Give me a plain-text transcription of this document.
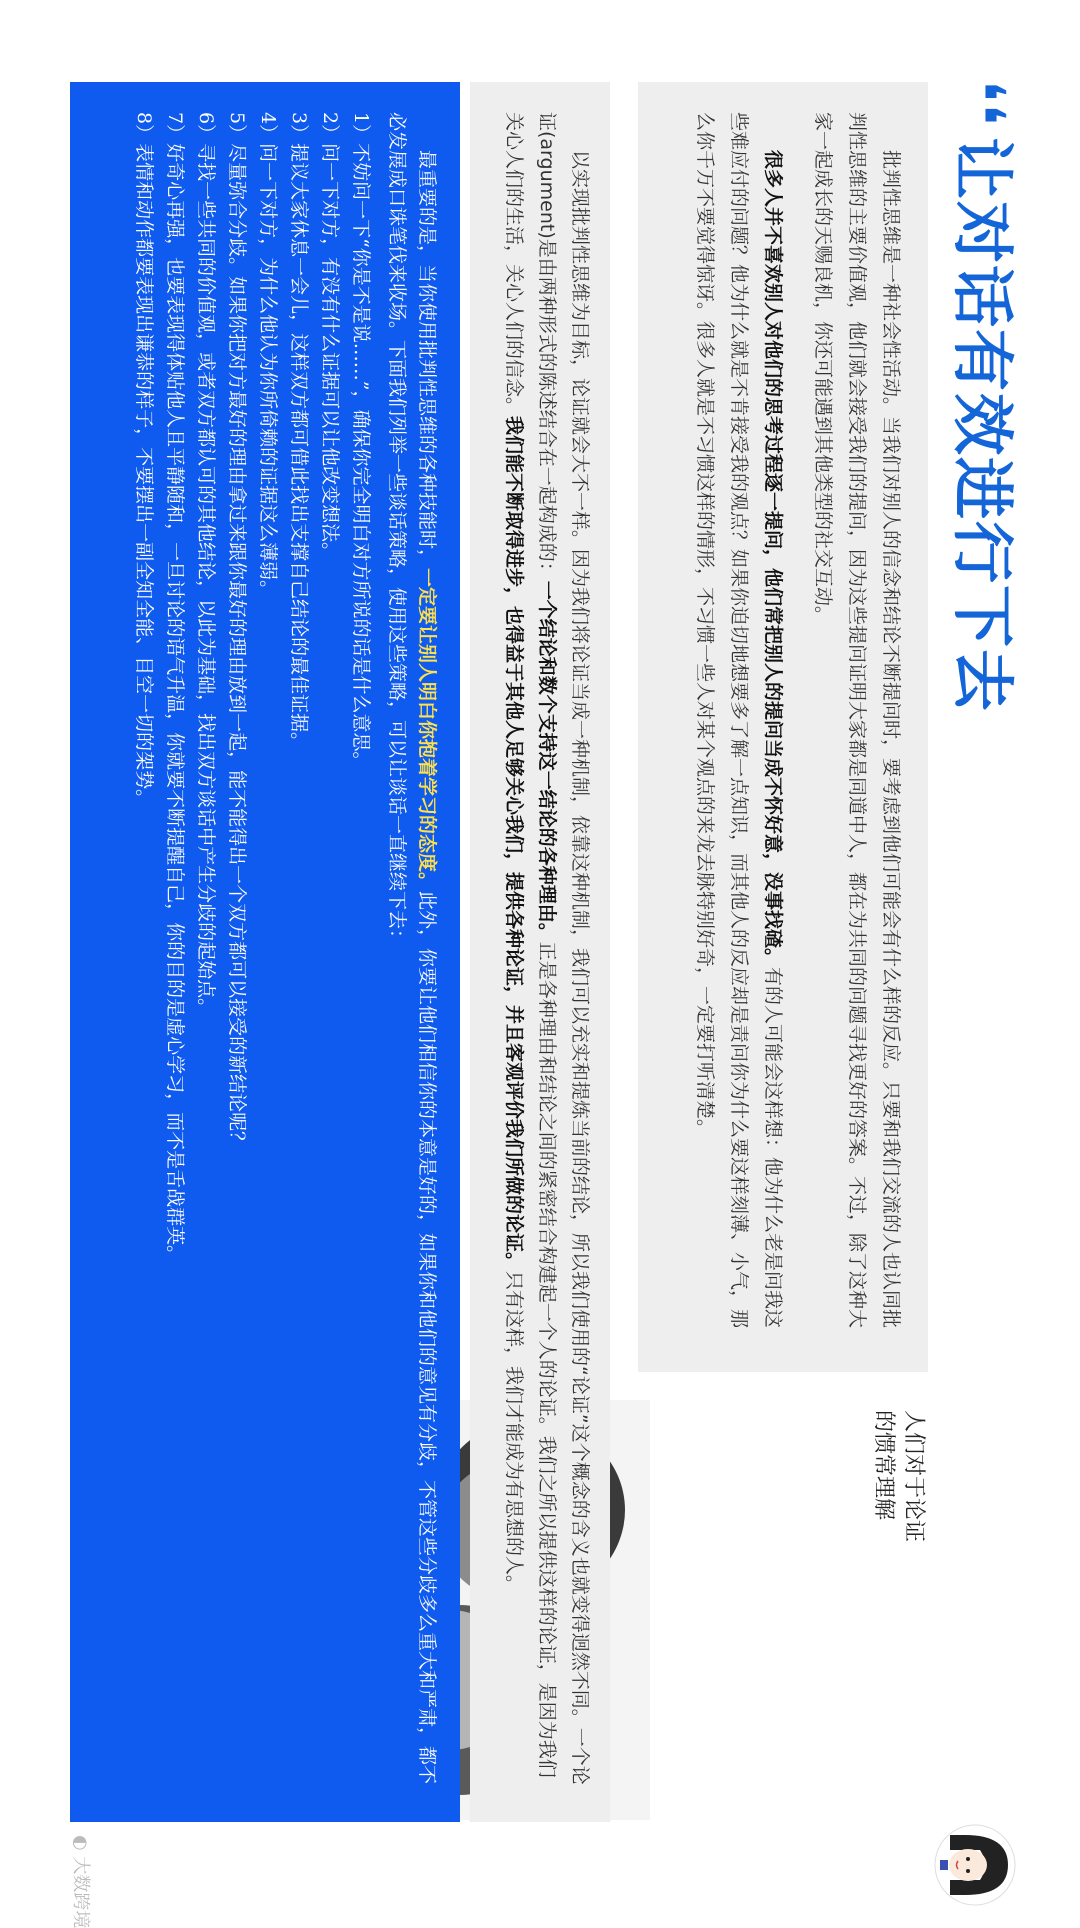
❛❛让对话有效进行下去

批判性思维是一种社会性活动。当我们对别人的信念和结论不断提问时，要考虑到他们可能会有什么样的反应。只要和我们交流的人也认同批判性思维的主要价值观，他们就会接受我们的提问，因为这些提问证明大家都是同道中人，都在为共同的问题寻找更好的答案。不过，除了这种大家一起成长的天赐良机，你还可能遇到其他类型的社交互动。

很多人并不喜欢别人对他们的思考过程逐一提问，他们常把别人的提问当成不怀好意，没事找碴。有的人可能会这样想：他为什么老是问我这些难应付的问题？他为什么就是不肯接受我的观点？如果你迫切地想要多了解一点知识，而其他人的反应却是责问你为什么要这样刻薄、小气，那么你千万不要觉得惊讶。很多人就是不习惯这样的情形，不习惯一些人对某个观点的来龙去脉特别好奇，一定要打听清楚。

人们对于论证的惯常理解

以实现批判性思维为目标，论证就会大不一样。因为我们将论证当成一种机制，依靠这种机制，我们可以充实和提炼当前的结论，所以我们使用的“论证”这个概念的含义也就变得迥然不同。一个论证(argument)是由两种形式的陈述结合在一起构成的：一个结论和数个支持这一结论的各种理由。正是各种理由和结论之间的紧密结合构建起一个人的论证。我们之所以提供这样的论证，是因为我们关心人们的生活，关心人们的信念。我们能不断取得进步，也得益于其他人足够关心我们，提供各种论证，并且客观评价我们所做的论证。只有这样，我们才能成为有思想的人。

最重要的是，当你使用批判性思维的各种技能时，一定要让别人明白你抱着学习的态度。此外，你要让他们相信你的本意是好的，如果你和他们的意见有分歧，不管这些分歧多么重大和严肃，都不必发展成口诛笔伐来收场。下面我们列举一些谈话策略，使用这些策略，可以让谈话一直继续下去：

1）不妨问一下“你是不是说……”，确保你完全明白对方所说的话是什么意思。
2）问一下对方，有没有什么证据可以让他改变想法。
3）提议大家休息一会儿，这样双方都可借此找出支撑自己结论的最佳证据。
4）问一下对方，为什么他认为你所倚赖的证据这么薄弱。
5）尽量弥合分歧。如果你把对方最好的理由拿过来跟你最好的理由放到一起，能不能得出一个双方都可以接受的新结论呢？
6）寻找一些共同的价值观，或者双方都认可的其他结论，以此为基础，找出双方谈话中产生分歧的起始点。
7）好奇心再强，也要表现得体贴他人且平静随和，一旦讨论的语气升温，你就要不断提醒自己，你的目的是虚心学习，而不是舌战群英。
8）表情和动作都要表现出谦恭的样子，不要摆出一副全知全能、目空一切的架势。
◐ 大数跨境
